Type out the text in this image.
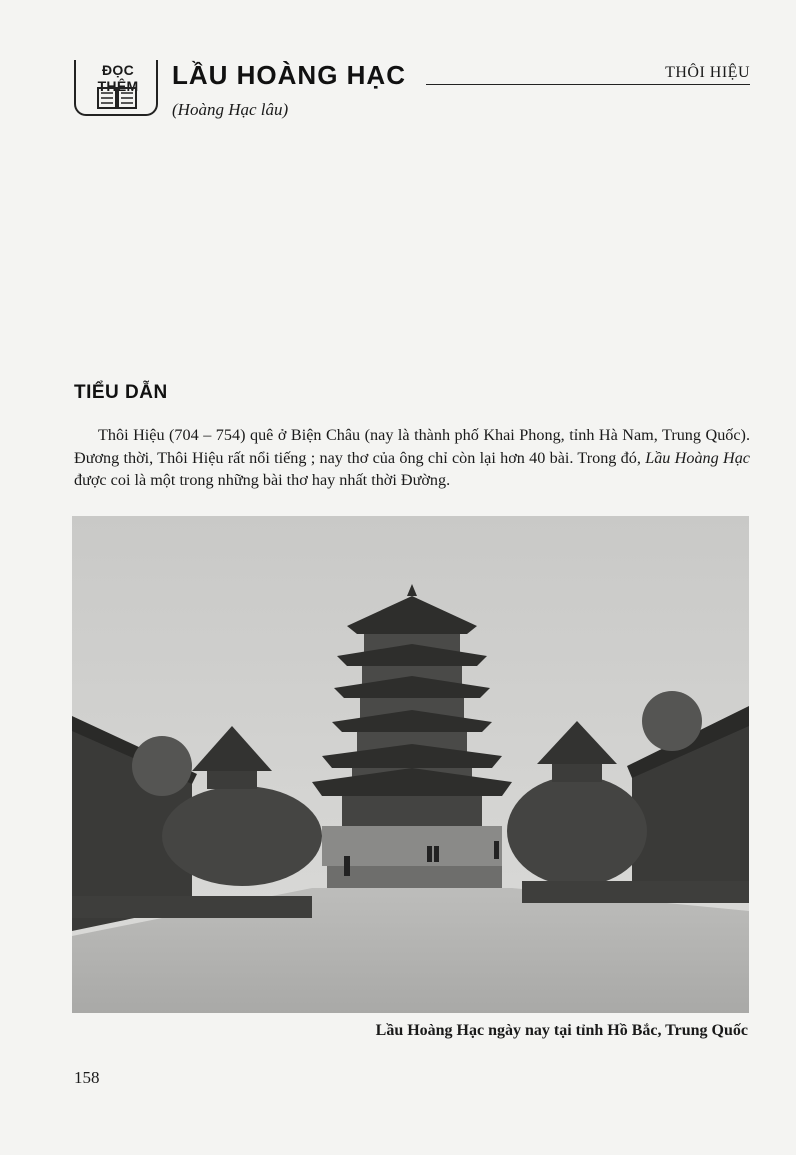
ĐỌC THÊM	LẦU HOÀNG HẠC	THÔI HIỆU
(Hoàng Hạc lâu)
TIỂU DẪN

Thôi Hiệu (704 – 754) quê ở Biện Châu (nay là thành phố Khai Phong, tỉnh Hà Nam, Trung Quốc). Đương thời, Thôi Hiệu rất nổi tiếng ; nay thơ của ông chỉ còn lại hơn 40 bài. Trong đó, Lầu Hoàng Hạc được coi là một trong những bài thơ hay nhất thời Đường.

Lầu Hoàng Hạc ngày nay tại tỉnh Hồ Bắc, Trung Quốc
158
